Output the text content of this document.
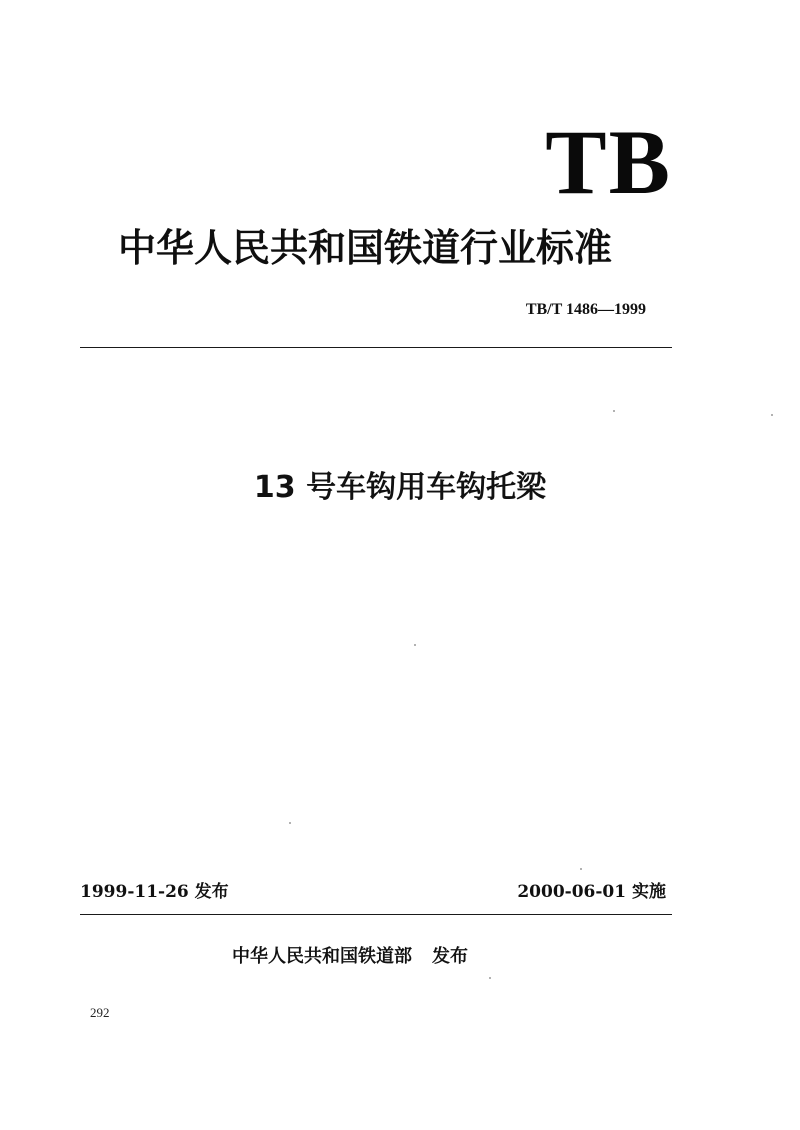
TB
中华人民共和国铁道行业标准
TB/T 1486—1999
13 号车钩用车钩托梁
1999-11-26 发布	2000-06-01 实施
中华人民共和国铁道部 发布
292
